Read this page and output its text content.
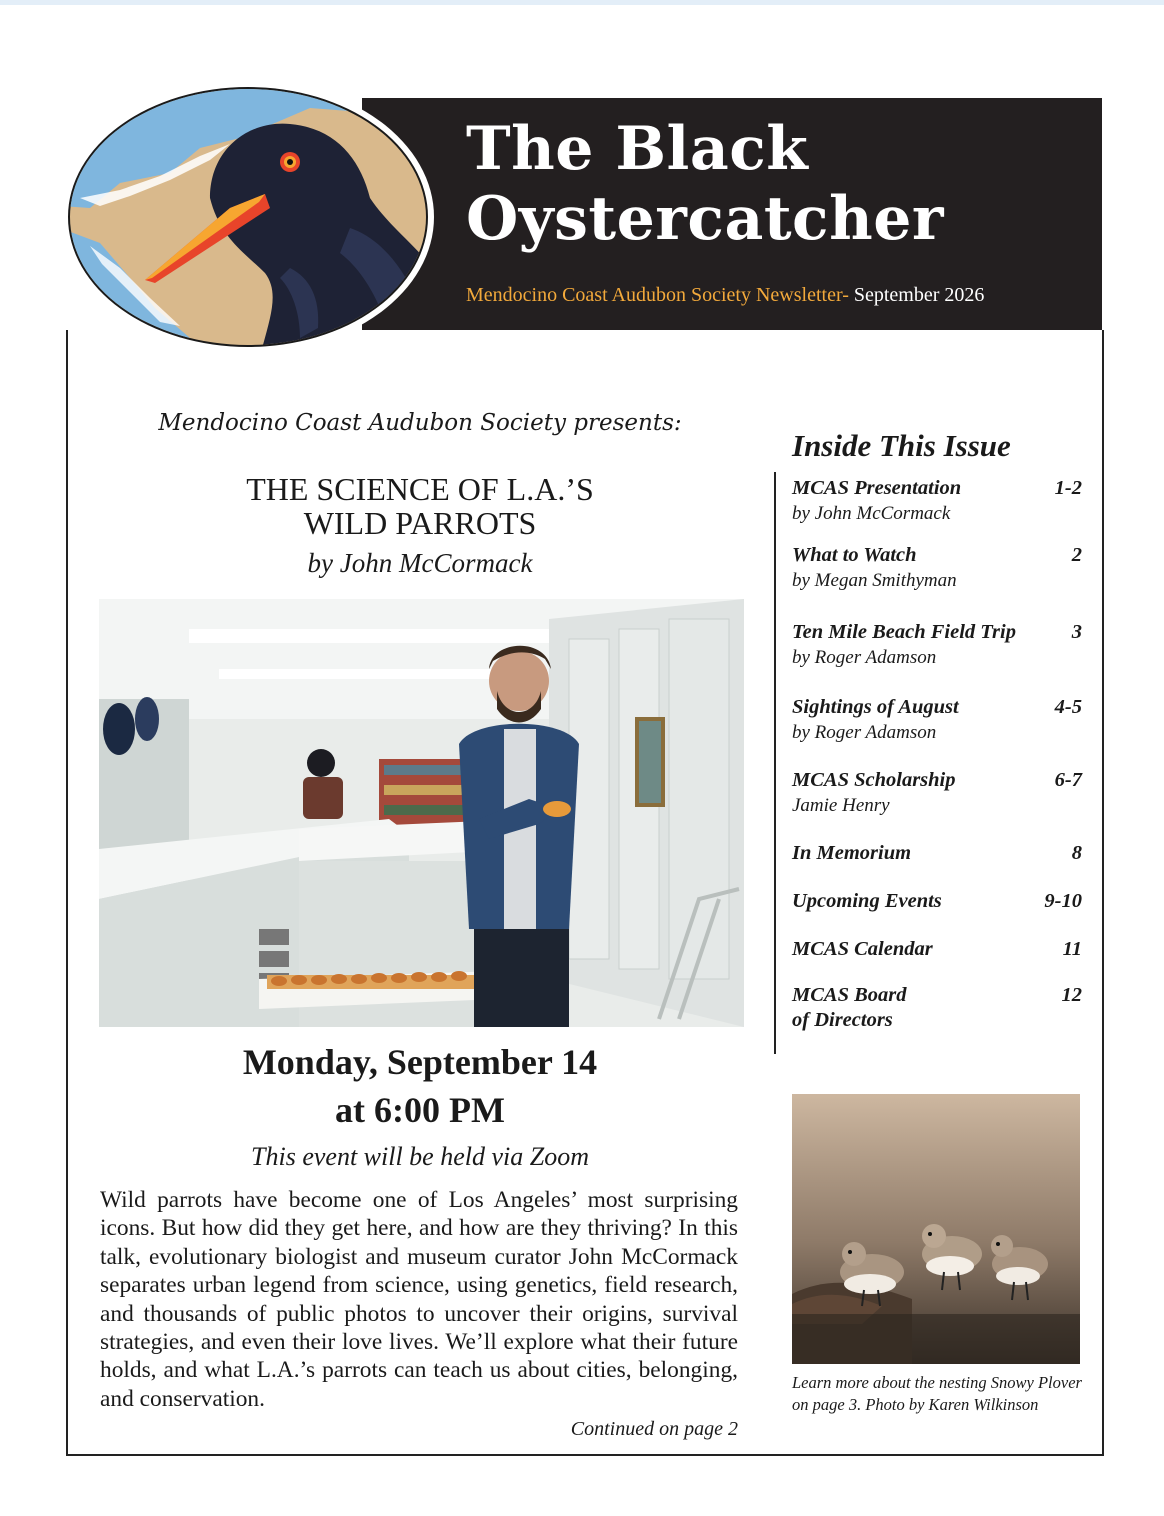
The Black
Oystercatcher
Mendocino Coast Audubon Society Newsletter- September 2026
Mendocino Coast Audubon Society presents:
THE SCIENCE OF L.A.’S
WILD PARROTS
by John McCormack
Monday, September 14
at 6:00 PM
This event will be held via Zoom

Wild parrots have become one of Los Angeles’ most surprising icons. But how did they get here, and how are they thriving? In this talk, evolutionary biologist and museum curator John McCormack separates urban legend from science, using genetics, field research, and thousands of public photos to uncover their origins, survival strategies, and even their love lives. We’ll explore what their future holds, and what L.A.’s parrots can teach us about cities, belonging, and conservation.

Continued on page 2
Inside This Issue
MCAS Presentation	1-2
by John McCormack
What to Watch	2
by Megan Smithyman
Ten Mile Beach Field Trip	3
by Roger Adamson
Sightings of August	4-5
by Roger Adamson
MCAS Scholarship	6-7
Jamie Henry
In Memorium	8
Upcoming Events	9-10
MCAS Calendar	11
MCAS Board	12
of Directors
Learn more about the nesting Snowy Plover on page 3. Photo by Karen Wilkinson
